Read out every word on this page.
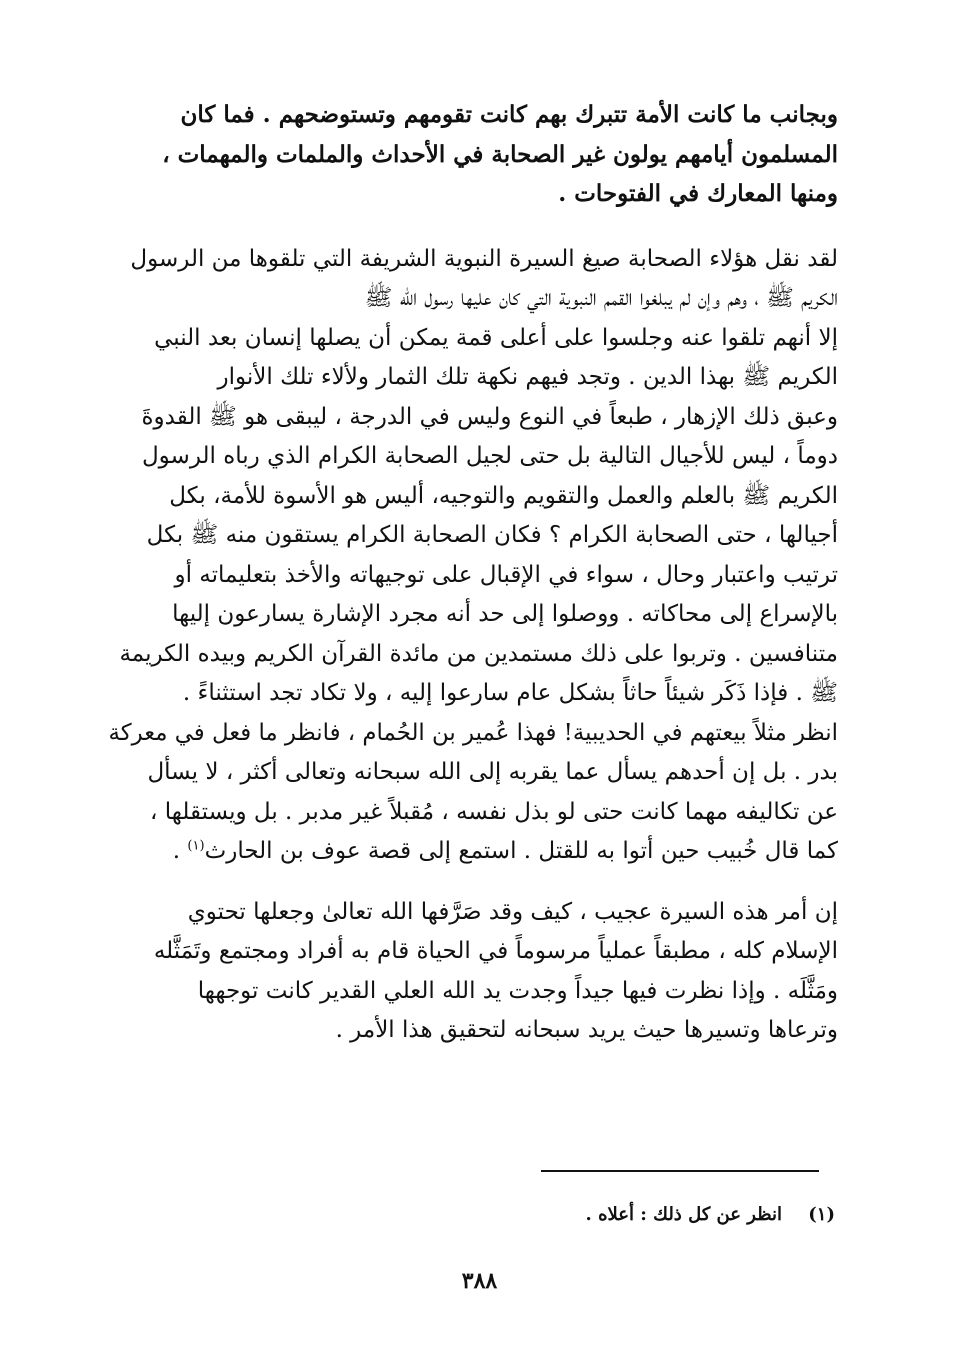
وبجانب ما كانت الأمة تتبرك بهم كانت تقومهم وتستوضحهم . فما كان
المسلمون أيامهم يولون غير الصحابة في الأحداث والملمات والمهمات ،
ومنها المعارك في الفتوحات .

لقد نقل هؤلاء الصحابة صيغ السيرة النبوية الشريفة التي تلقوها من الرسول
الكريم ﷺ ، وهم وإن لم يبلغوا القمم النبوية التي كان عليها رسول الله ﷺ
إلا أنهم تلقوا عنه وجلسوا على أعلى قمة يمكن أن يصلها إنسان بعد النبي
الكريم ﷺ بهذا الدين . وتجد فيهم نكهة تلك الثمار ولألاء تلك الأنوار
وعبق ذلك الإزهار ، طبعاً في النوع وليس في الدرجة ، ليبقى هو ﷺ القدوةَ
دوماً ، ليس للأجيال التالية بل حتى لجيل الصحابة الكرام الذي رباه الرسول
الكريم ﷺ بالعلم والعمل والتقويم والتوجيه، أليس هو الأسوة للأمة، بكل
أجيالها ، حتى الصحابة الكرام ؟ فكان الصحابة الكرام يستقون منه ﷺ بكل
ترتيب واعتبار وحال ، سواء في الإقبال على توجيهاته والأخذ بتعليماته أو
بالإسراع إلى محاكاته . ووصلوا إلى حد أنه مجرد الإشارة يسارعون إليها
متنافسين . وتربوا على ذلك مستمدين من مائدة القرآن الكريم وبيده الكريمة
ﷺ . فإذا ذَكَر شيئاً حاثاً بشكل عام سارعوا إليه ، ولا تكاد تجد استثناءً .
انظر مثلاً بيعتهم في الحديبية! فهذا عُمير بن الحُمام ، فانظر ما فعل في معركة
بدر . بل إن أحدهم يسأل عما يقربه إلى الله سبحانه وتعالى أكثر ، لا يسأل
عن تكاليفه مهما كانت حتى لو بذل نفسه ، مُقبلاً غير مدبر . بل ويستقلها ،
كما قال خُبيب حين أتوا به للقتل . استمع إلى قصة عوف بن الحارث$^{(١)}$ .

إن أمر هذه السيرة عجيب ، كيف وقد صَرَّفها الله تعالىٰ وجعلها تحتوي
الإسلام كله ، مطبقاً عملياً مرسوماً في الحياة قام به أفراد ومجتمع وتَمَثَّله
ومَثَّلَه . وإذا نظرت فيها جيداً وجدت يد الله العلي القدير كانت توجهها
وترعاها وتسيرها حيث يريد سبحانه لتحقيق هذا الأمر .

(١) انظر عن كل ذلك : أعلاه .
٣٨٨
